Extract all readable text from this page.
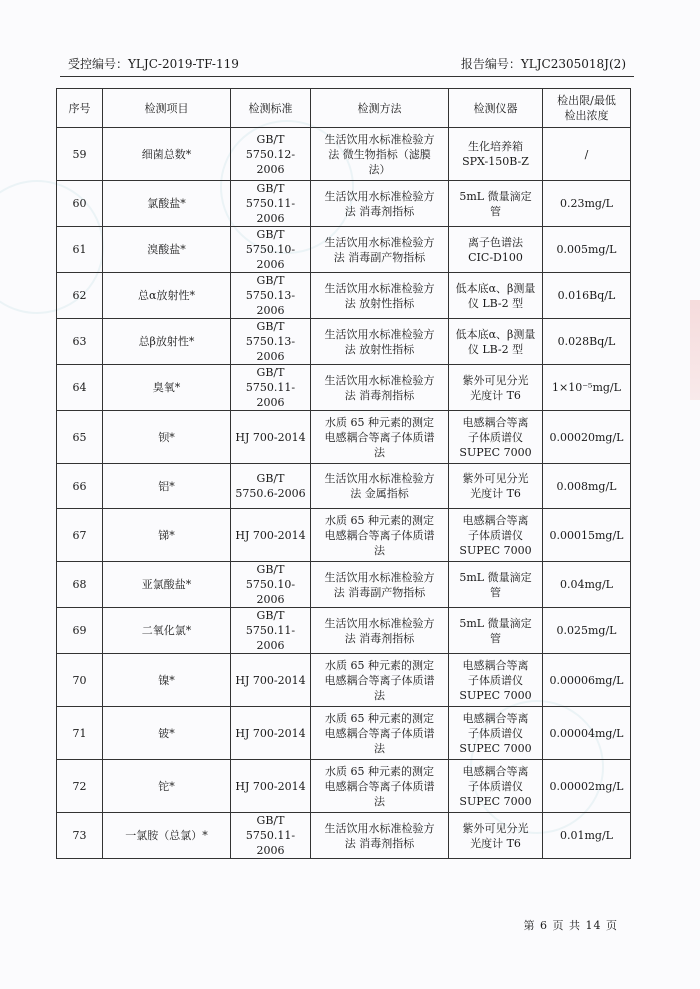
受控编号：YLJC-2019-TF-119	报告编号：YLJC2305018J(2)
序号	检测项目	检测标准	检测方法	检测仪器	检出限/最低
检出浓度

59	细菌总数*	GB/T
5750.12-2006	生活饮用水标准检验方
法 微生物指标（滤膜
法）	生化培养箱
SPX-150B-Z	/

60	氯酸盐*	GB/T
5750.11-2006	生活饮用水标准检验方
法 消毒剂指标	5mL 微量滴定
管	0.23mg/L

61	溴酸盐*	GB/T
5750.10-2006	生活饮用水标准检验方
法 消毒副产物指标	离子色谱法
CIC-D100	0.005mg/L

62	总α放射性*	GB/T
5750.13-2006	生活饮用水标准检验方
法 放射性指标	低本底α、β测量
仪 LB-2 型	0.016Bq/L

63	总β放射性*	GB/T
5750.13-2006	生活饮用水标准检验方
法 放射性指标	低本底α、β测量
仪 LB-2 型	0.028Bq/L

64	臭氧*	GB/T
5750.11-2006	生活饮用水标准检验方
法 消毒剂指标	紫外可见分光
光度计 T6	1×10⁻⁵mg/L

65	钡*	HJ 700-2014	水质 65 种元素的测定
电感耦合等离子体质谱
法	电感耦合等离
子体质谱仪
SUPEC 7000	0.00020mg/L

66	铝*	GB/T
5750.6-2006	生活饮用水标准检验方
法 金属指标	紫外可见分光
光度计 T6	0.008mg/L

67	锑*	HJ 700-2014	水质 65 种元素的测定
电感耦合等离子体质谱
法	电感耦合等离
子体质谱仪
SUPEC 7000	0.00015mg/L

68	亚氯酸盐*	GB/T
5750.10-2006	生活饮用水标准检验方
法 消毒副产物指标	5mL 微量滴定
管	0.04mg/L

69	二氧化氯*	GB/T
5750.11-2006	生活饮用水标准检验方
法 消毒剂指标	5mL 微量滴定
管	0.025mg/L

70	镍*	HJ 700-2014	水质 65 种元素的测定
电感耦合等离子体质谱
法	电感耦合等离
子体质谱仪
SUPEC 7000	0.00006mg/L

71	铍*	HJ 700-2014	水质 65 种元素的测定
电感耦合等离子体质谱
法	电感耦合等离
子体质谱仪
SUPEC 7000	0.00004mg/L

72	铊*	HJ 700-2014	水质 65 种元素的测定
电感耦合等离子体质谱
法	电感耦合等离
子体质谱仪
SUPEC 7000	0.00002mg/L

73	一氯胺（总氯）*	GB/T
5750.11-2006	生活饮用水标准检验方
法 消毒剂指标	紫外可见分光
光度计 T6	0.01mg/L
第 6 页 共 14 页
